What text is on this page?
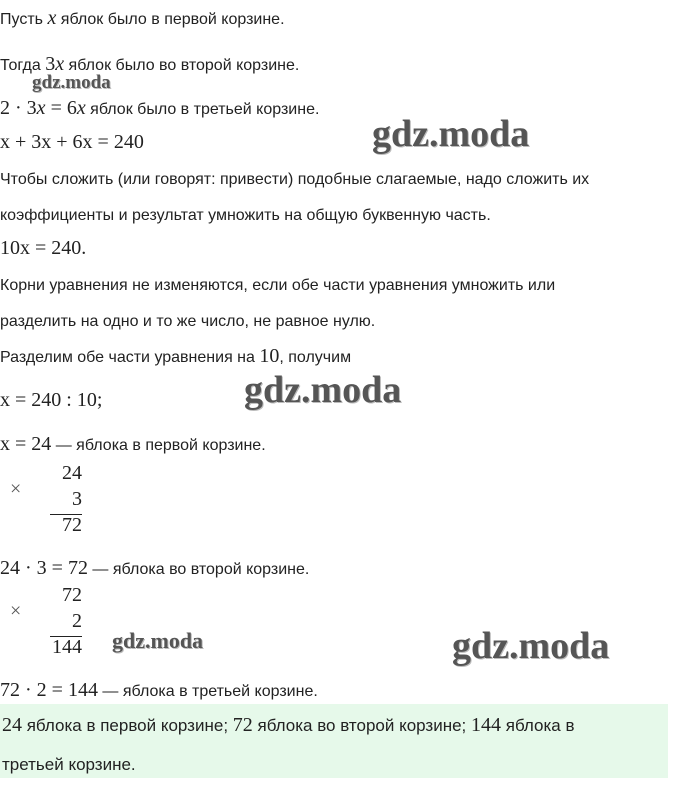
Пусть x яблок было в первой корзине.
Тогда 3x яблок было во второй корзине.
2 · 3x = 6x яблок было в третьей корзине.
x + 3x + 6x = 240
Чтобы сложить (или говорят: привести) подобные слагаемые, надо сложить их
коэффициенты и результат умножить на общую буквенную часть.
10x = 240.
Корни уравнения не изменяются, если обе части уравнения умножить или
разделить на одно и то же число, не равное нулю.
Разделим обе части уравнения на 10, получим
x = 240 : 10;
x = 24 — яблока в первой корзине.
×
24
3
72
24 · 3 = 72 — яблока во второй корзине.
×
72
2
144
72 · 2 = 144 — яблока в третьей корзине.
24 яблока в первой корзине; 72 яблока во второй корзине; 144 яблока в
третьей корзине.
gdz.moda
gdz.moda
gdz.moda
gdz.moda	gdz.moda
